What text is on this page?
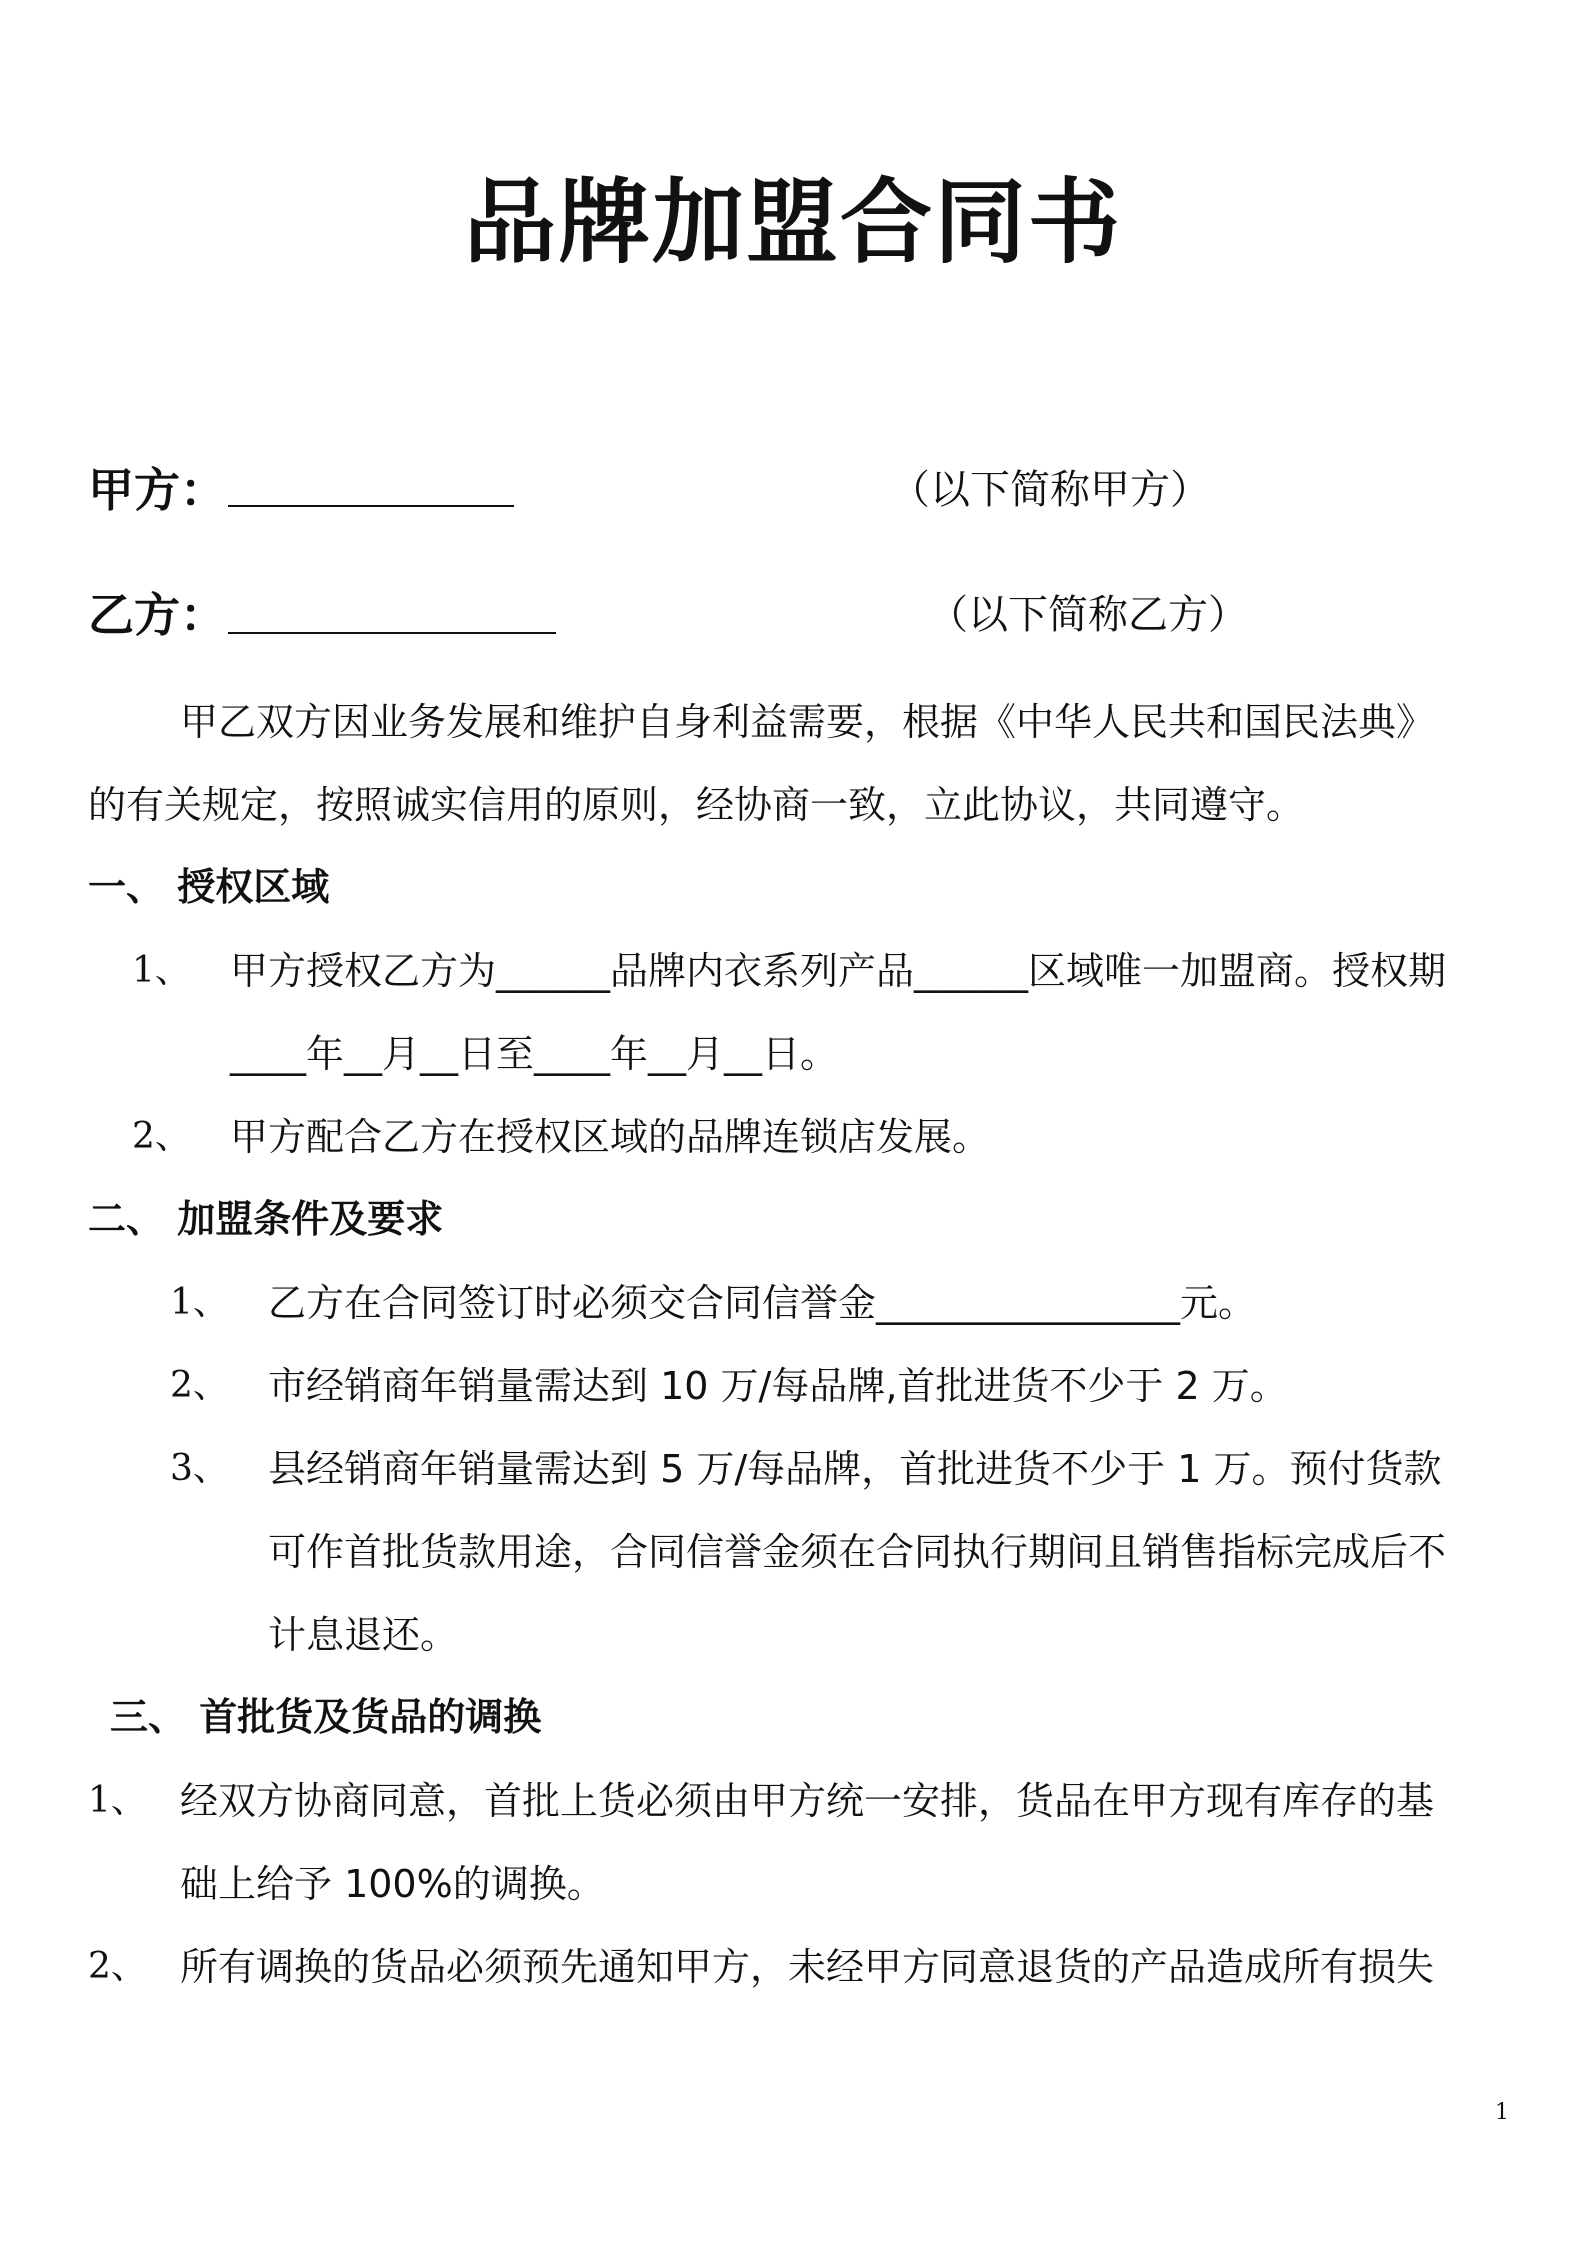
品牌加盟合同书
甲方：	（以下简称甲方）
乙方：	（以下简称乙方）
甲乙双方因业务发展和维护自身利益需要，根据《中华人民共和国民法典》
的有关规定，按照诚实信用的原则，经协商一致，立此协议，共同遵守。
一、 授权区域
1、 甲方授权乙方为______品牌内衣系列产品______区域唯一加盟商。授权期
____年__月__日至____年__月__日。
2、 甲方配合乙方在授权区域的品牌连锁店发展。
二、 加盟条件及要求
1、 乙方在合同签订时必须交合同信誉金________________元。
2、 市经销商年销量需达到 10 万/每品牌,首批进货不少于 2 万。
3、 县经销商年销量需达到 5 万/每品牌，首批进货不少于 1 万。预付货款
可作首批货款用途，合同信誉金须在合同执行期间且销售指标完成后不
计息退还。
三、 首批货及货品的调换
1、 经双方协商同意，首批上货必须由甲方统一安排，货品在甲方现有库存的基
础上给予 100%的调换。
2、 所有调换的货品必须预先通知甲方，未经甲方同意退货的产品造成所有损失
1
